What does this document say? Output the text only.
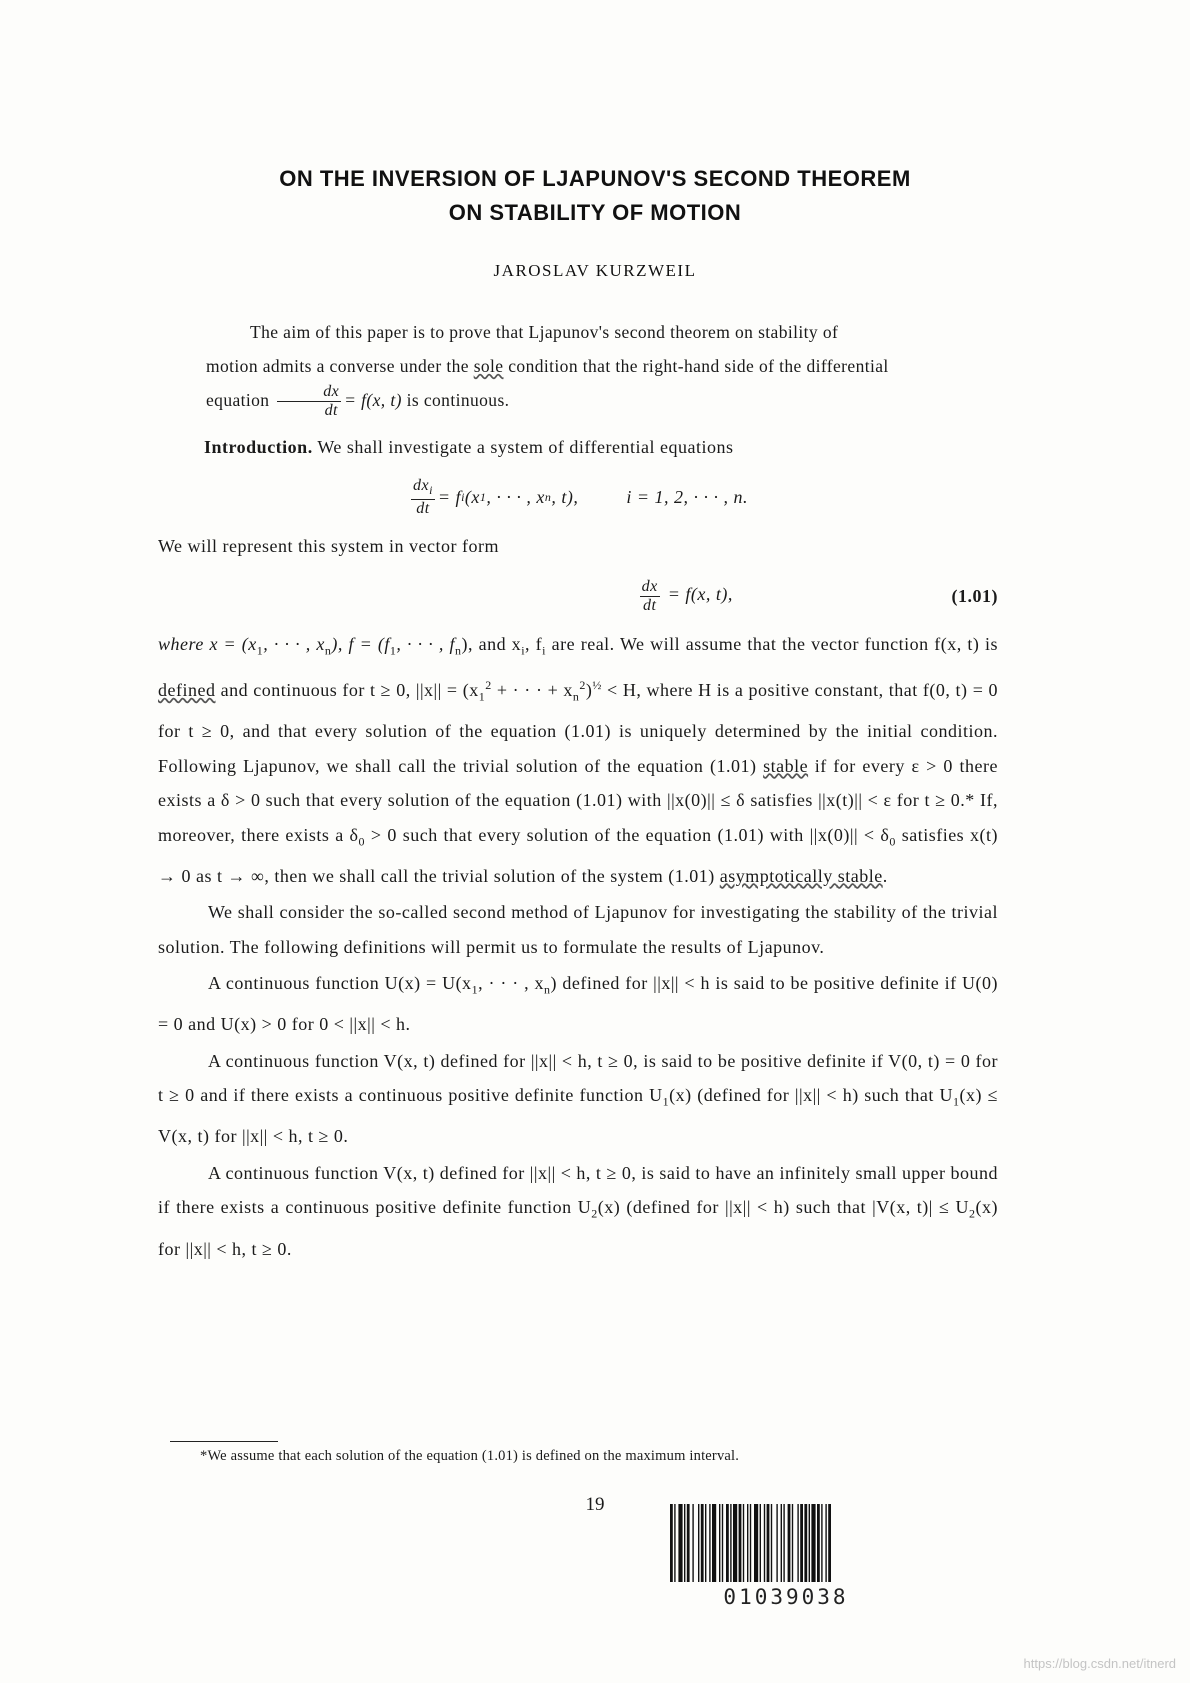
ON THE INVERSION OF LJAPUNOV'S SECOND THEOREM
ON STABILITY OF MOTION
JAROSLAV KURZWEIL

The aim of this paper is to prove that Ljapunov's second theorem on stability of motion admits a converse under the sole condition that the right-hand side of the differential equation $\frac{dx}{dt} = f(x$, t) is continuous.

Introduction. We shall investigate a system of differential equations

$\frac{dx_i}{dt} = f$ i (x 1 , · · · , x n , t),	i = 1, 2, · · · , n.

We will represent this system in vector form

$\frac{dx}{dt} = f(x$, t),	(1.01)

where $x = (x_1$, · · · , $x_n$), $f = (f_1$, · · · , $f_n$), and $x_i$, $f_i$ are real. We will assume that the vector function f(x, t) is defined and continuous for t ≥ 0, $||x|| = (x_1^2$ + · · · + $x_n^2)^{\frac{1}{2}} < H$, where H is a positive constant, that f(0, t) = 0 for t ≥ 0, and that every solution of the equation (1.01) is uniquely determined by the initial condition. Following Ljapunov, we shall call the trivial solution of the equation (1.01) stable if for every ε > 0 there exists a δ > 0 such that every solution of the equation (1.01) with ||x(0)|| ≤ δ satisfies ||x(t)|| < ε for t ≥ 0.* If, moreover, there exists a $\delta_0 > 0$ such that every solution of the equation (1.01) with $||x(0)|| < \delta_0$ satisfies x(t) → 0 as t → ∞, then we shall call the trivial solution of the system (1.01) asymptotically stable.

We shall consider the so-called second method of Ljapunov for investigating the stability of the trivial solution. The following definitions will permit us to formulate the results of Ljapunov.

A continuous function $U(x) = U(x_1$, · · · , $x_n$) defined for ||x|| < h is said to be positive definite if U(0) = 0 and U(x) > 0 for 0 < ||x|| < h.

A continuous function V(x, t) defined for ||x|| < h, t ≥ 0, is said to be positive definite if V(0, t) = 0 for t ≥ 0 and if there exists a continuous positive definite function $U_1(x)$ (defined for ||x|| < h) such that $U_1(x) \le V(x$, t) for ||x|| < h, t ≥ 0.

A continuous function V(x, t) defined for ||x|| < h, t ≥ 0, is said to have an infinitely small upper bound if there exists a continuous positive definite function $U_2(x)$ (defined for ||x|| < h) such that |V(x, $t)| \le U_2(x)$ for ||x|| < h, t ≥ 0.

*We assume that each solution of the equation (1.01) is defined on the maximum interval.
19
01039038
https://blog.csdn.net/itnerd
